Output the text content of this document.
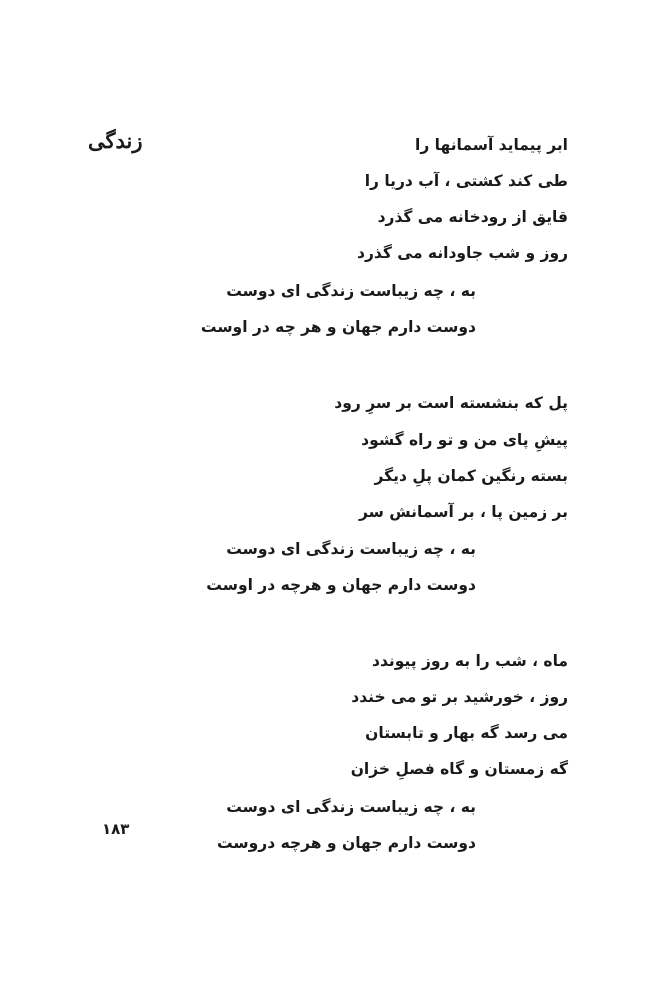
زندگی	ابر پیماید آسمانها را
طی کند کشتی ، آب دریا را
قایق از رودخانه می گذرد
روز و شب جاودانه می گذرد
به ، چه زیباست زندگی ای دوست
دوست دارم جهان و هر چه در اوست
پل که بنشسته است بر سرِ رود
پیشِ پای من و تو راه گشود
بسته رنگین کمان پلِ دیگر
بر زمین پا ، بر آسمانش سر
به ، چه زیباست زندگی ای دوست
دوست دارم جهان و هرچه در اوست
ماه ، شب را به روز پیوندد
روز ، خورشید بر تو می خندد
می رسد گه بهار و تابستان
گه زمستان و گاه فصلِ خزان
به ، چه زیباست زندگی ای دوست
دوست دارم جهان و هرچه دروست
۱۸۳
